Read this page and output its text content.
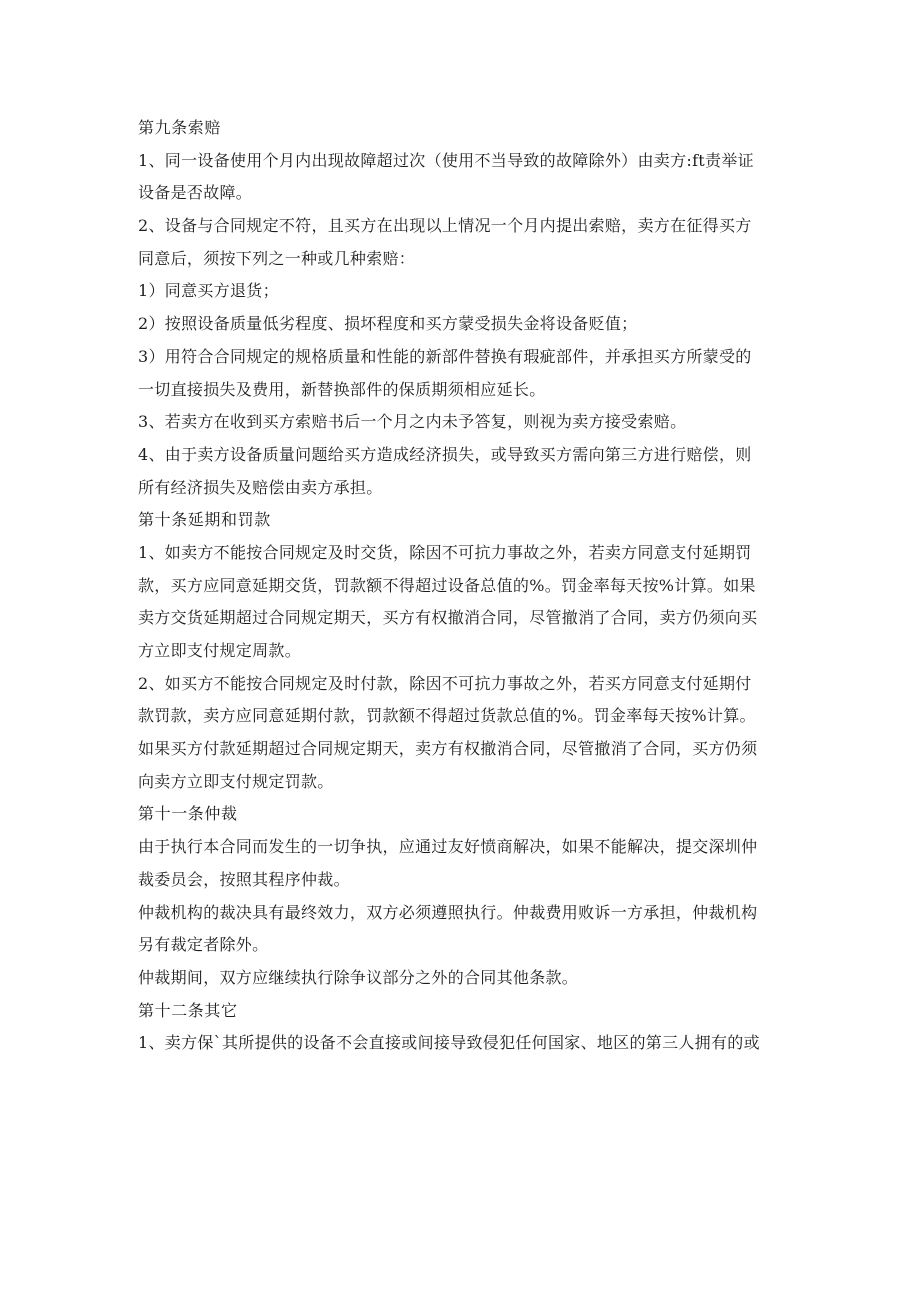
第九条索赔
1、同一设备使用个月内出现故障超过次（使用不当导致的故障除外）由卖方:ft责举证
设备是否故障。
2、设备与合同规定不符，且买方在出现以上情况一个月内提出索赔，卖方在征得买方
同意后，须按下列之一种或几种索赔：
1）同意买方退货；
2）按照设备质量低劣程度、损坏程度和买方蒙受损失金将设备贬值；
3）用符合合同规定的规格质量和性能的新部件替换有瑕疵部件，并承担买方所蒙受的
一切直接损失及费用，新替换部件的保质期须相应延长。
3、若卖方在收到买方索赔书后一个月之内未予答复，则视为卖方接受索赔。
4、由于卖方设备质量问题给买方造成经济损失，或导致买方需向第三方进行赔偿，则
所有经济损失及赔偿由卖方承担。
第十条延期和罚款
1、如卖方不能按合同规定及时交货，除因不可抗力事故之外，若卖方同意支付延期罚
款，买方应同意延期交货，罚款额不得超过设备总值的%。罚金率每天按%计算。如果
卖方交货延期超过合同规定期天，买方有权撤消合同，尽管撤消了合同，卖方仍须向买
方立即支付规定周款。
2、如买方不能按合同规定及时付款，除因不可抗力事故之外，若买方同意支付延期付
款罚款，卖方应同意延期付款，罚款额不得超过货款总值的%。罚金率每天按%计算。
如果买方付款延期超过合同规定期天，卖方有权撤消合同，尽管撤消了合同，买方仍须
向卖方立即支付规定罚款。
第十一条仲裁
由于执行本合同而发生的一切争执，应通过友好愤商解决，如果不能解决，提交深圳仲
裁委员会，按照其程序仲裁。
仲裁机构的裁决具有最终效力，双方必须遵照执行。仲裁费用败诉一方承担，仲裁机构
另有裁定者除外。
仲裁期间，双方应继续执行除争议部分之外的合同其他条款。
第十二条其它
1、卖方保`其所提供的设备不会直接或间接导致侵犯任何国家、地区的第三人拥有的或
